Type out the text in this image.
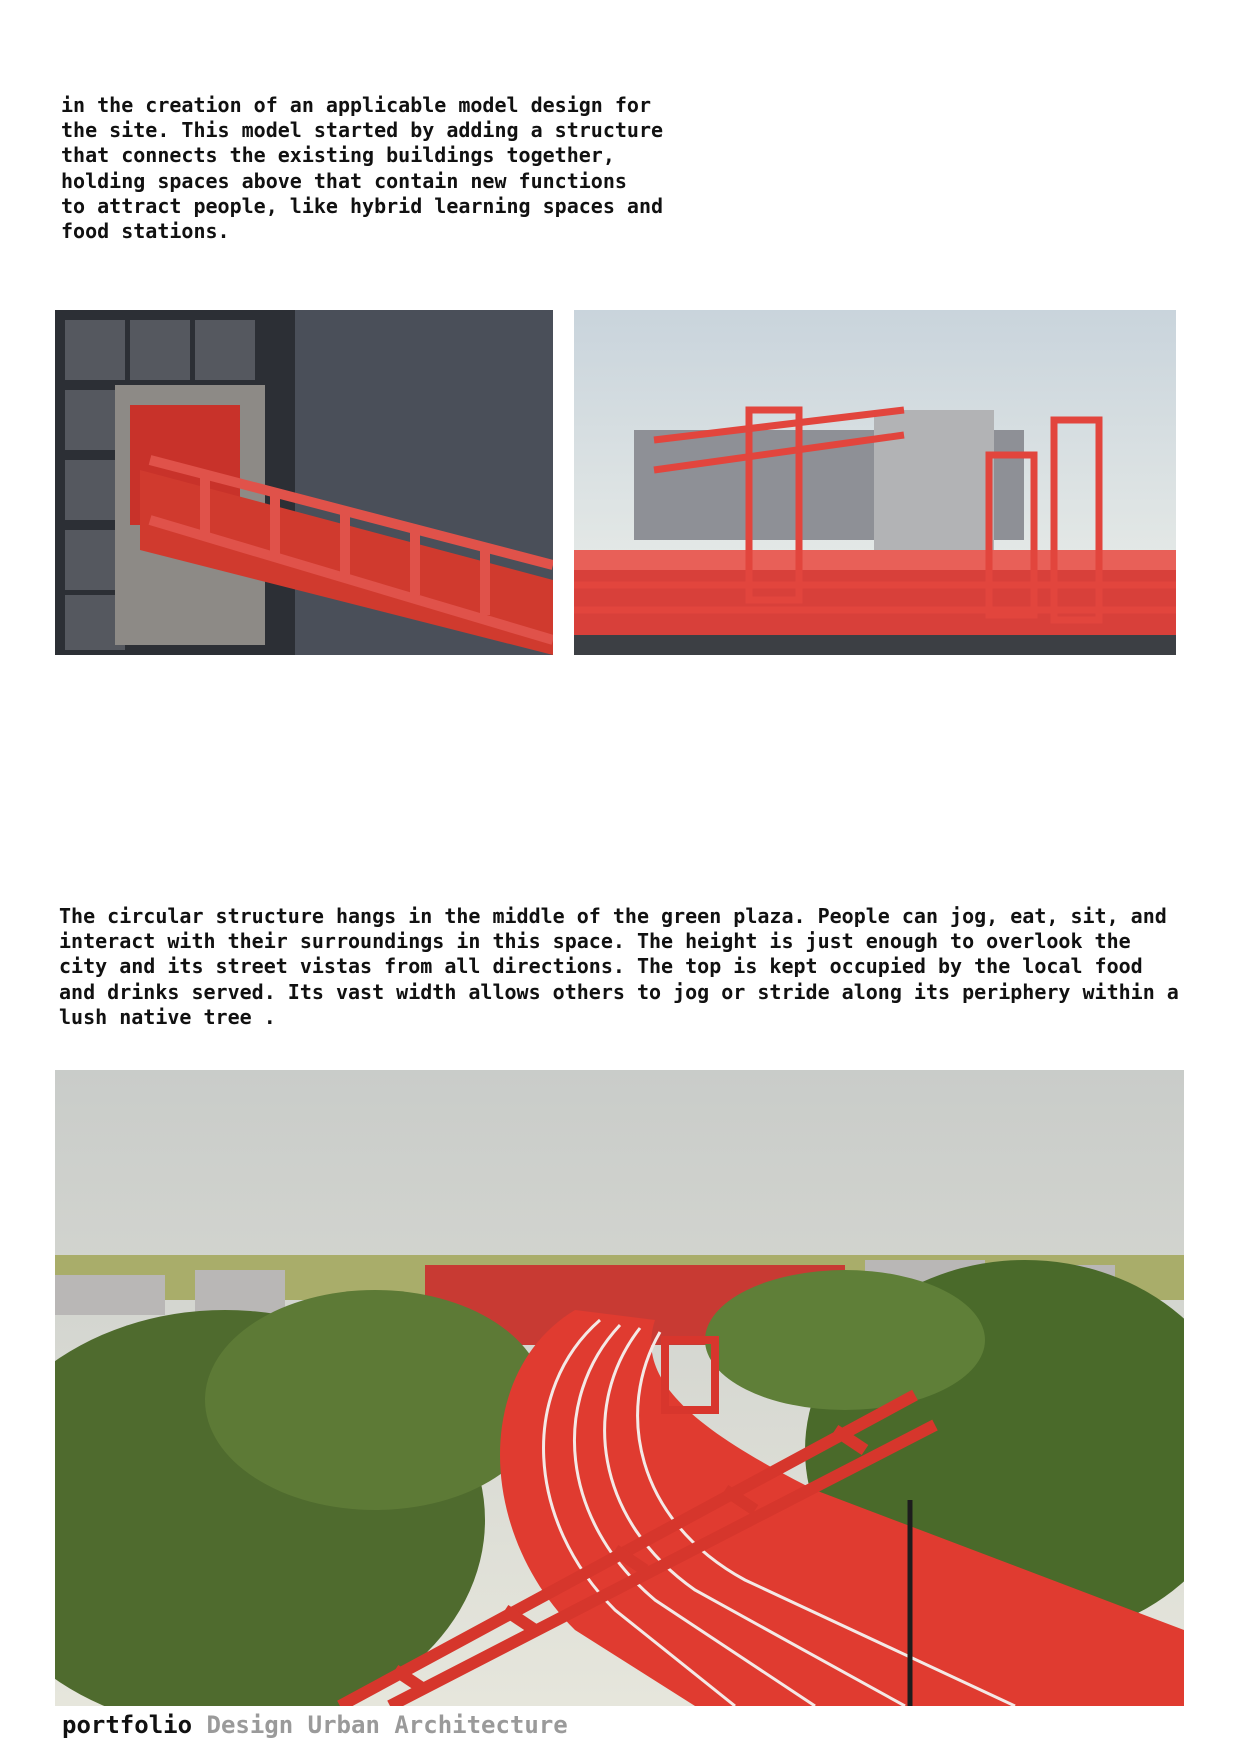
in the creation of an applicable model design for
the site. This model started by adding a structure
that connects the existing buildings together,
holding spaces above that contain new functions
to attract people, like hybrid learning spaces and
food stations.

The circular structure hangs in the middle of the green plaza. People can jog, eat, sit, and
interact with their surroundings in this space. The height is just enough to overlook the
city and its street vistas from all directions. The top is kept occupied by the local food
and drinks served. Its vast width allows others to jog or stride along its periphery within a
lush native tree .

portfolio Design Urban Architecture
